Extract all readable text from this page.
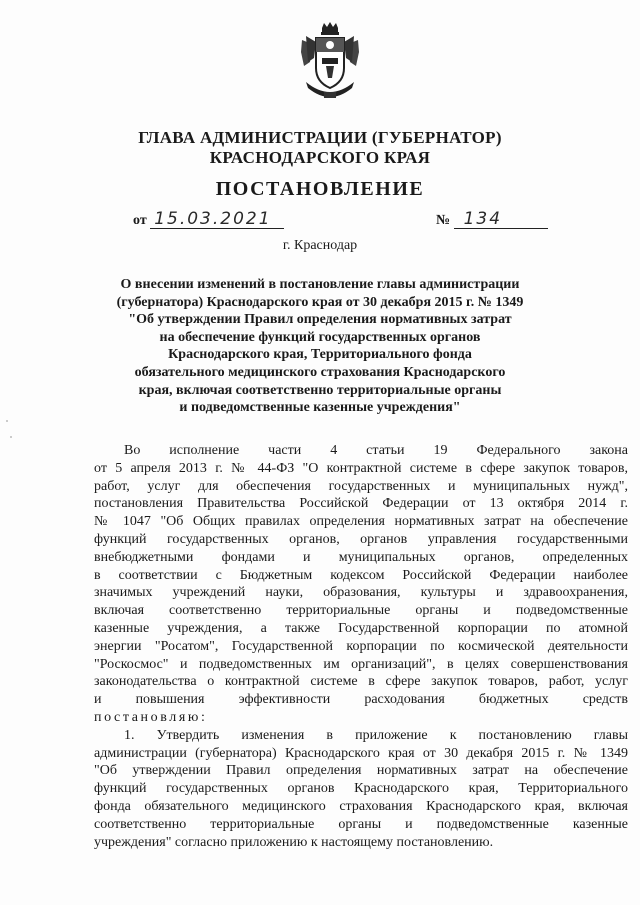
ГЛАВА АДМИНИСТРАЦИИ (ГУБЕРНАТОР)
КРАСНОДАРСКОГО КРАЯ
ПОСТАНОВЛЕНИЕ
от 15.03.2021	№ 134
г. Краснодар
О внесении изменений в постановление главы администрации
(губернатора) Краснодарского края от 30 декабря 2015 г. № 1349
"Об утверждении Правил определения нормативных затрат
на обеспечение функций государственных органов
Краснодарского края, Территориального фонда
обязательного медицинского страхования Краснодарского
края, включая соответственно территориальные органы
и подведомственные казенные учреждения"
Во исполнение части 4 статьи 19 Федерального закона
от 5 апреля 2013 г. № 44-ФЗ "О контрактной системе в сфере закупок товаров,
работ, услуг для обеспечения государственных и муниципальных нужд",
постановления Правительства Российской Федерации от 13 октября 2014 г.
№ 1047 "Об Общих правилах определения нормативных затрат на обеспечение
функций государственных органов, органов управления государственными
внебюджетными фондами и муниципальных органов, определенных
в соответствии с Бюджетным кодексом Российской Федерации наиболее
значимых учреждений науки, образования, культуры и здравоохранения,
включая соответственно территориальные органы и подведомственные
казенные учреждения, а также Государственной корпорации по атомной
энергии "Росатом", Государственной корпорации по космической деятельности
"Роскосмос" и подведомственных им организаций", в целях совершенствования
законодательства о контрактной системе в сфере закупок товаров, работ, услуг
и повышения эффективности расходования бюджетных средств
постановляю:
1. Утвердить изменения в приложение к постановлению главы
администрации (губернатора) Краснодарского края от 30 декабря 2015 г. № 1349
"Об утверждении Правил определения нормативных затрат на обеспечение
функций государственных органов Краснодарского края, Территориального
фонда обязательного медицинского страхования Краснодарского края, включая
соответственно территориальные органы и подведомственные казенные
учреждения" согласно приложению к настоящему постановлению.
